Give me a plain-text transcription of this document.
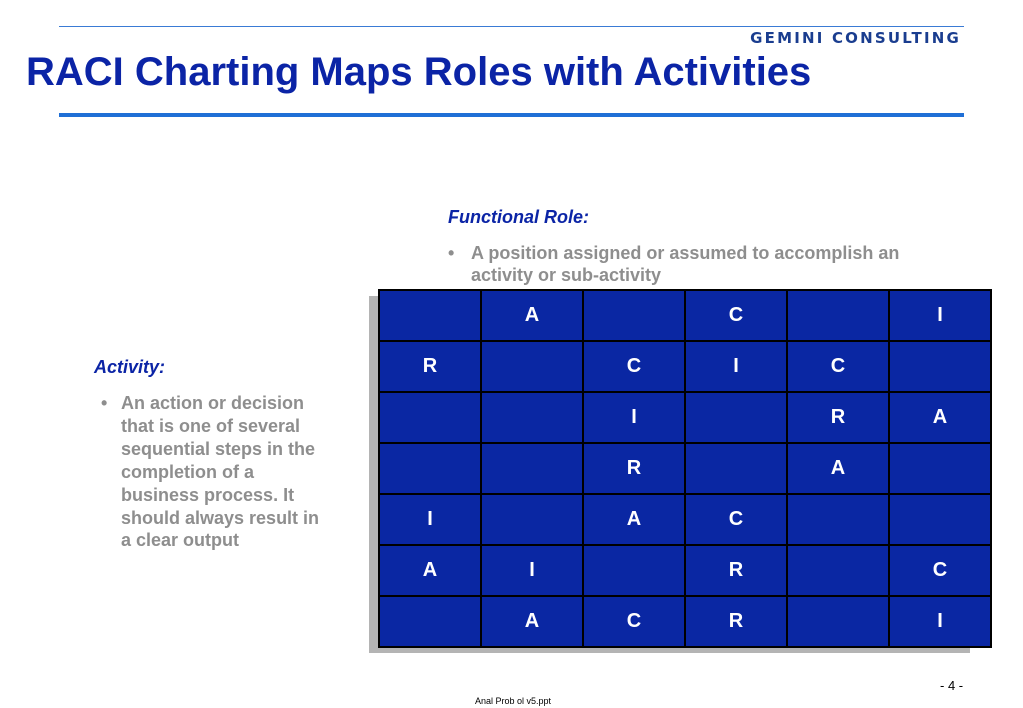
GEMINI CONSULTING
RACI Charting Maps Roles with Activities
Functional Role:
• A position assigned or assumed to accomplish an activity or sub-activity
Activity:
• An action or decision that is one of several sequential steps in the completion of a business process. It should always result in a clear output
	A		C		I
R		C	I	C	
		I		R	A
		R		A	
I		A	C		
A	I		R		C
	A	C	R		I
- 4 -
Anal Prob ol v5.ppt
